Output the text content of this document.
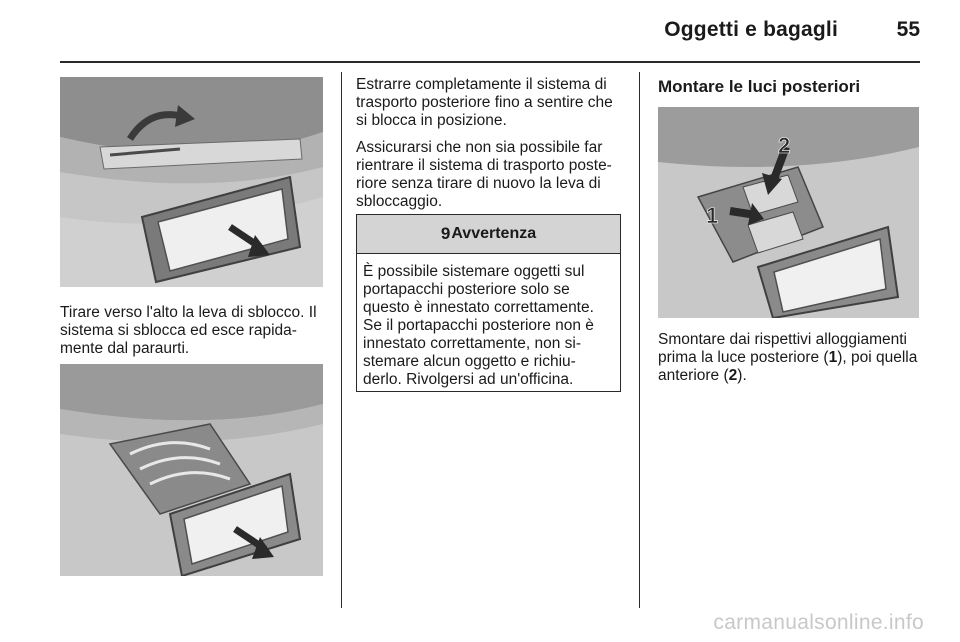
Oggetti e bagagli	55

Tirare verso l'alto la leva di sblocco. Il sistema si sblocca ed esce rapida-mente dal paraurti.

Estrarre completamente il sistema di trasporto posteriore fino a sentire che si blocca in posizione.

Assicurarsi che non sia possibile far rientrare il sistema di trasporto poste-riore senza tirare di nuovo la leva di sbloccaggio.

9 Avvertenza
È possibile sistemare oggetti sul portapacchi posteriore solo se questo è innestato correttamente. Se il portapacchi posteriore non è innestato correttamente, non si-stemare alcun oggetto e richiu-derlo. Rivolgersi ad un'officina.
Montare le luci posteriori
2
1

Smontare dai rispettivi alloggiamenti prima la luce posteriore (1), poi quella anteriore (2).

carmanualsonline.info
